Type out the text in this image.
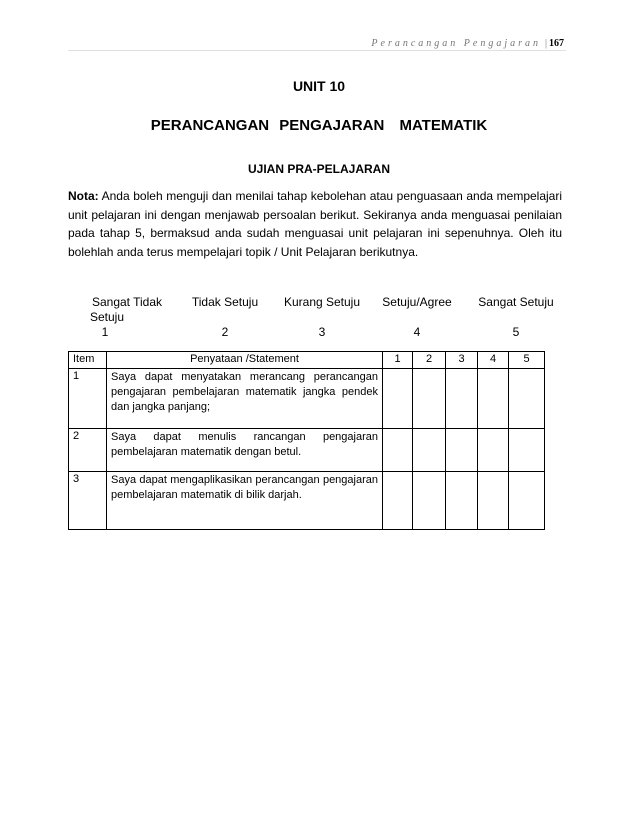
Perancangan Pengajaran | 167
UNIT 10
PERANCANGAN PENGAJARAN MATEMATIK
UJIAN PRA-PELAJARAN
Nota: Anda boleh menguji dan menilai tahap kebolehan atau penguasaan anda mempelajari unit pelajaran ini dengan menjawab persoalan berikut. Sekiranya anda menguasai penilaian pada tahap 5, bermaksud anda sudah menguasai unit pelajaran ini sepenuhnya. Oleh itu bolehlah anda terus mempelajari topik / Unit Pelajaran berikutnya.
Sangat Tidak
Setuju
1
Tidak Setuju

2
Kurang Setuju

3
Setuju/Agree

4
Sangat Setuju

5
Item	Penyataan /Statement	1	2	3	4	5
1	Saya dapat menyatakan merancang perancangan pengajaran pembelajaran matematik jangka pendek dan jangka panjang;					
2	Saya dapat menulis rancangan pengajaran pembelajaran matematik dengan betul.					
3	Saya dapat mengaplikasikan perancangan pengajaran pembelajaran matematik di bilik darjah.					
